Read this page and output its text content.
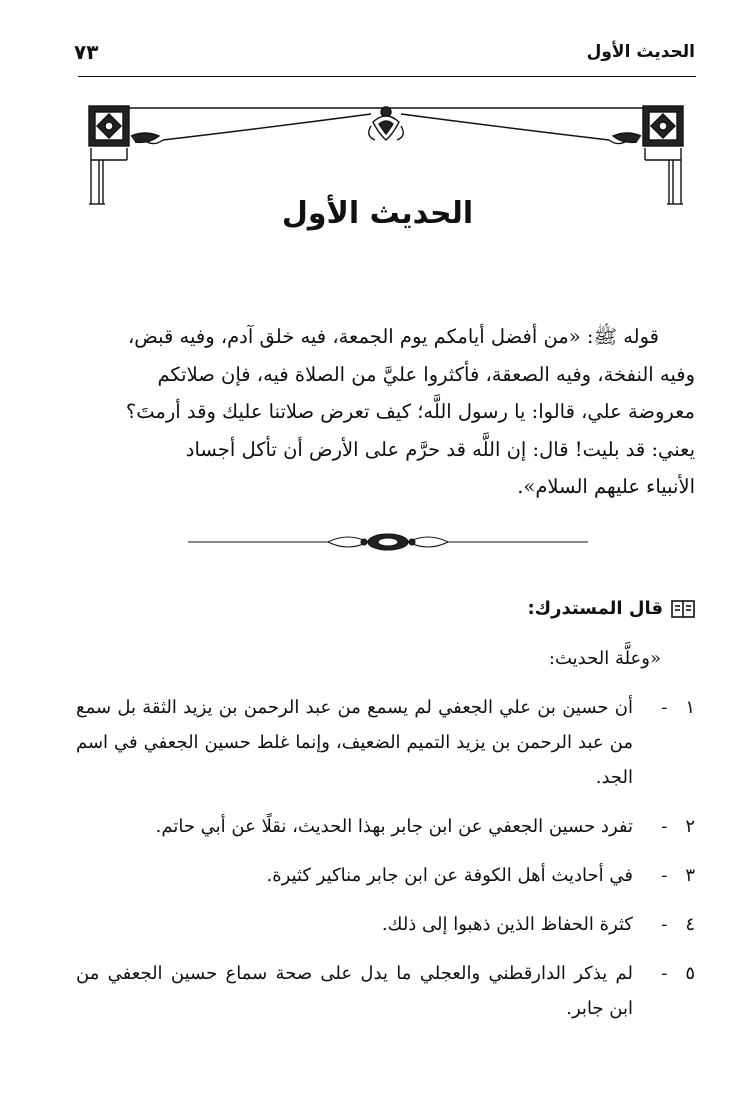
الحديث الأول
٧٣
الحديث الأول
قوله ﷺ: «من أفضل أيامكم يوم الجمعة، فيه خلق آدم، وفيه قبض،
وفيه النفخة، وفيه الصعقة، فأكثروا عليَّ من الصلاة فيه، فإن صلاتكم
معروضة علي، قالوا: يا رسول اللَّه؛ كيف تعرض صلاتنا عليك وقد أرمتَ؟
يعني: قد بليت! قال: إن اللَّه قد حرَّم على الأرض أن تأكل أجساد
الأنبياء عليهم السلام».
قال المستدرك:
«وعلَّة الحديث:
١
-
أن حسين بن علي الجعفي لم يسمع من عبد الرحمن بن يزيد الثقة بل سمع من عبد الرحمن بن يزيد التميم الضعيف، وإنما غلط حسين الجعفي في اسم الجد.
٢
-
تفرد حسين الجعفي عن ابن جابر بهذا الحديث، نقلًا عن أبي حاتم.
٣
-
في أحاديث أهل الكوفة عن ابن جابر مناكير كثيرة.
٤
-
كثرة الحفاظ الذين ذهبوا إلى ذلك.
٥
-
لم يذكر الدارقطني والعجلي ما يدل على صحة سماع حسين الجعفي من ابن جابر.
